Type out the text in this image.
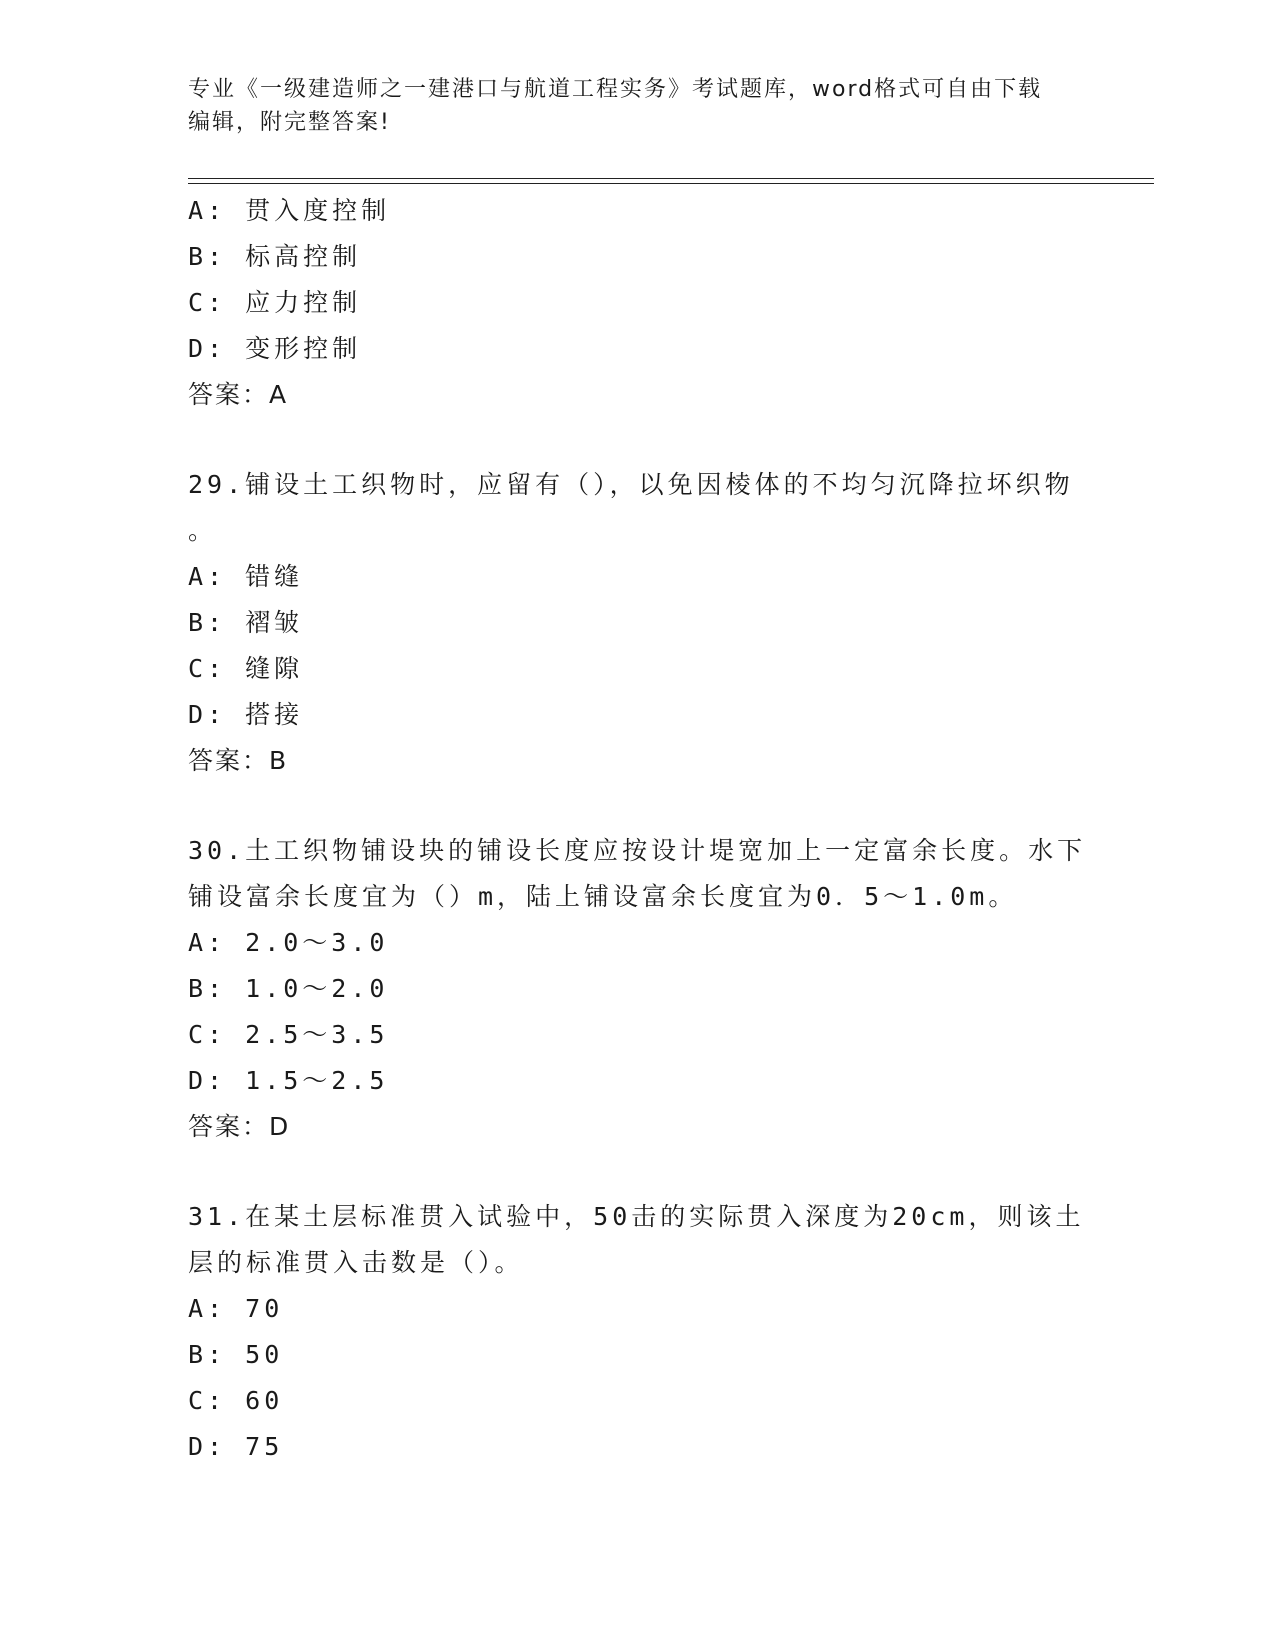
专业《一级建造师之一建港口与航道工程实务》考试题库，word格式可自由下载
编辑，附完整答案!
A: 贯入度控制
B: 标高控制
C: 应力控制
D: 变形控制
答案：A
29.铺设土工织物时，应留有（），以免因棱体的不均匀沉降拉坏织物
。
A: 错缝
B: 褶皱
C: 缝隙
D: 搭接
答案：B
30.土工织物铺设块的铺设长度应按设计堤宽加上一定富余长度。水下
铺设富余长度宜为（）m，陆上铺设富余长度宜为0．5～1.0m。
A: 2.0～3.0
B: 1.0～2.0
C: 2.5～3.5
D: 1.5～2.5
答案：D
31.在某土层标准贯入试验中，50击的实际贯入深度为20cm，则该土
层的标准贯入击数是（）。
A: 70
B: 50
C: 60
D: 75
